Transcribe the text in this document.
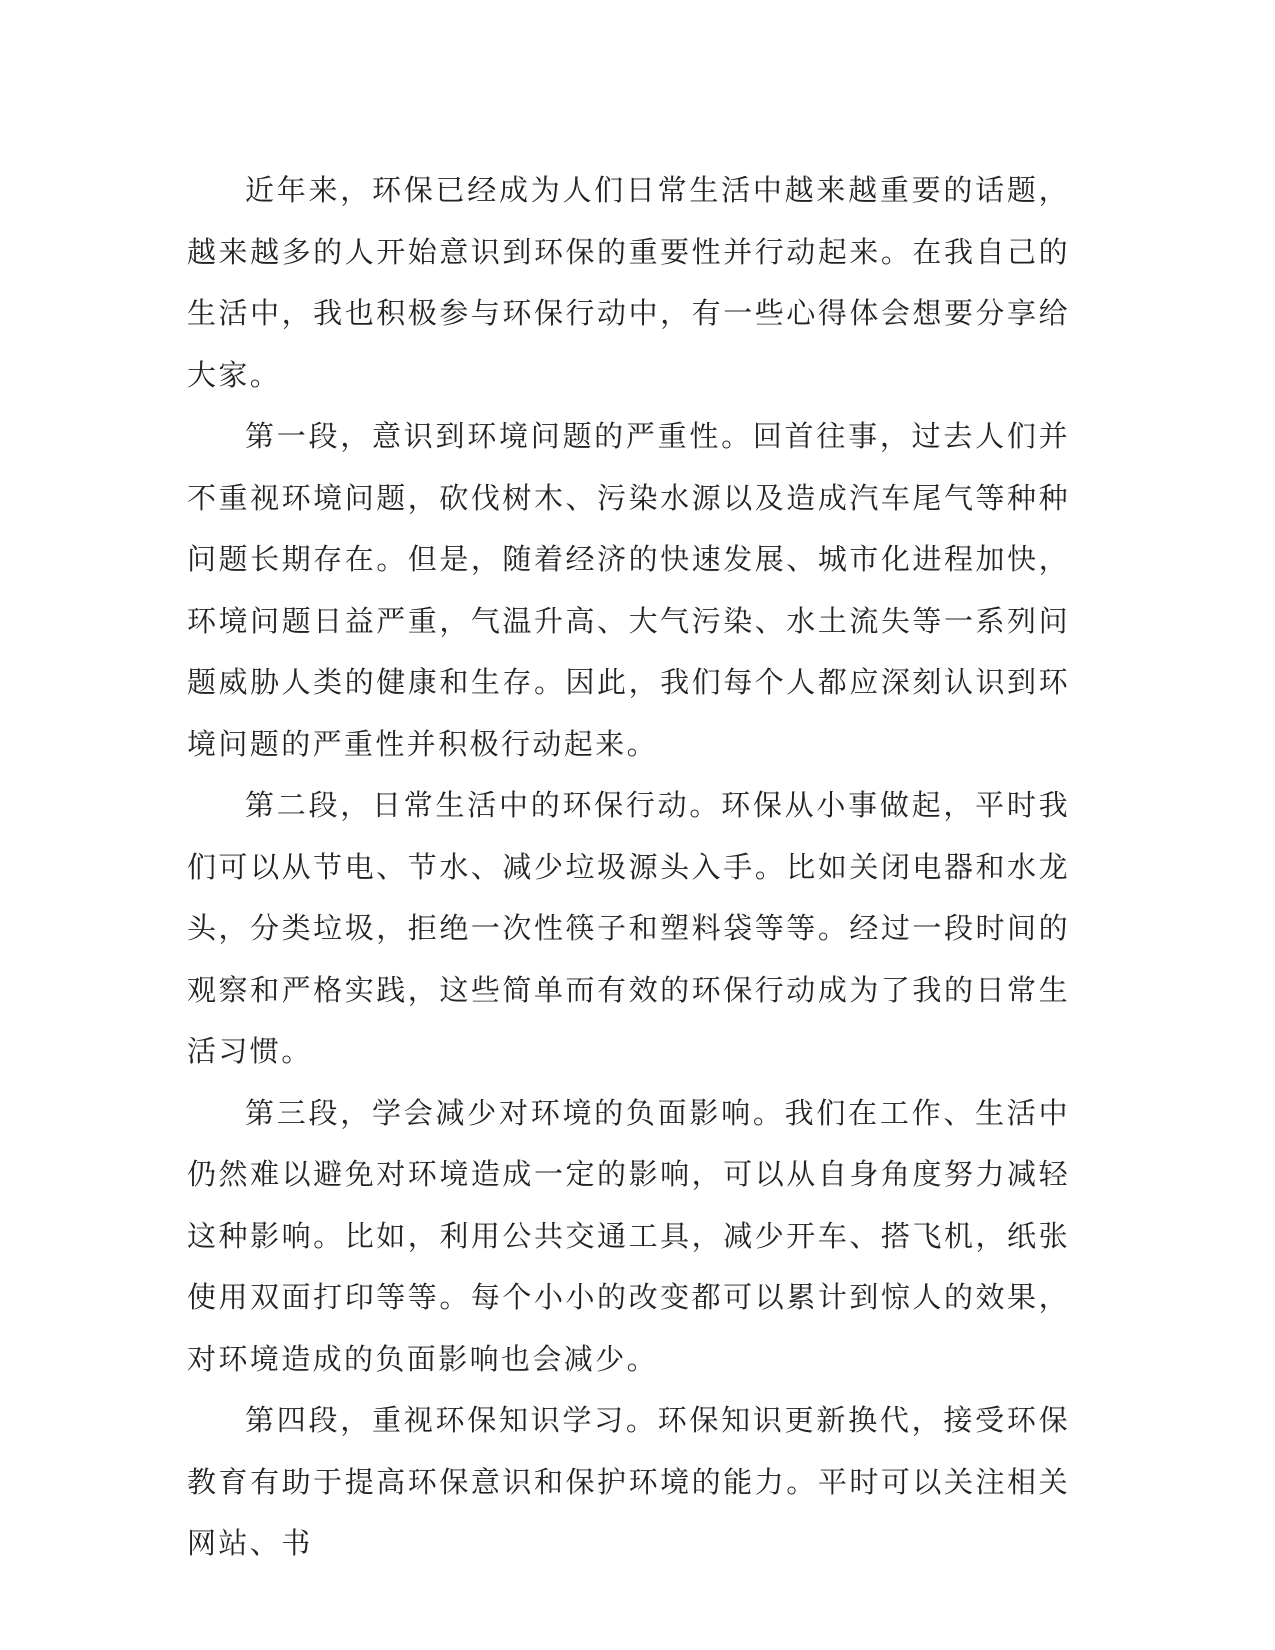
近年来，环保已经成为人们日常生活中越来越重要的话题，越来越多的人开始意识到环保的重要性并行动起来。在我自己的生活中，我也积极参与环保行动中，有一些心得体会想要分享给大家。

第一段，意识到环境问题的严重性。回首往事，过去人们并不重视环境问题，砍伐树木、污染水源以及造成汽车尾气等种种问题长期存在。但是，随着经济的快速发展、城市化进程加快，环境问题日益严重，气温升高、大气污染、水土流失等一系列问题威胁人类的健康和生存。因此，我们每个人都应深刻认识到环境问题的严重性并积极行动起来。

第二段，日常生活中的环保行动。环保从小事做起，平时我们可以从节电、节水、减少垃圾源头入手。比如关闭电器和水龙头，分类垃圾，拒绝一次性筷子和塑料袋等等。经过一段时间的观察和严格实践，这些简单而有效的环保行动成为了我的日常生活习惯。

第三段，学会减少对环境的负面影响。我们在工作、生活中仍然难以避免对环境造成一定的影响，可以从自身角度努力减轻这种影响。比如，利用公共交通工具，减少开车、搭飞机，纸张使用双面打印等等。每个小小的改变都可以累计到惊人的效果，对环境造成的负面影响也会减少。

第四段，重视环保知识学习。环保知识更新换代，接受环保教育有助于提高环保意识和保护环境的能力。平时可以关注相关网站、书
